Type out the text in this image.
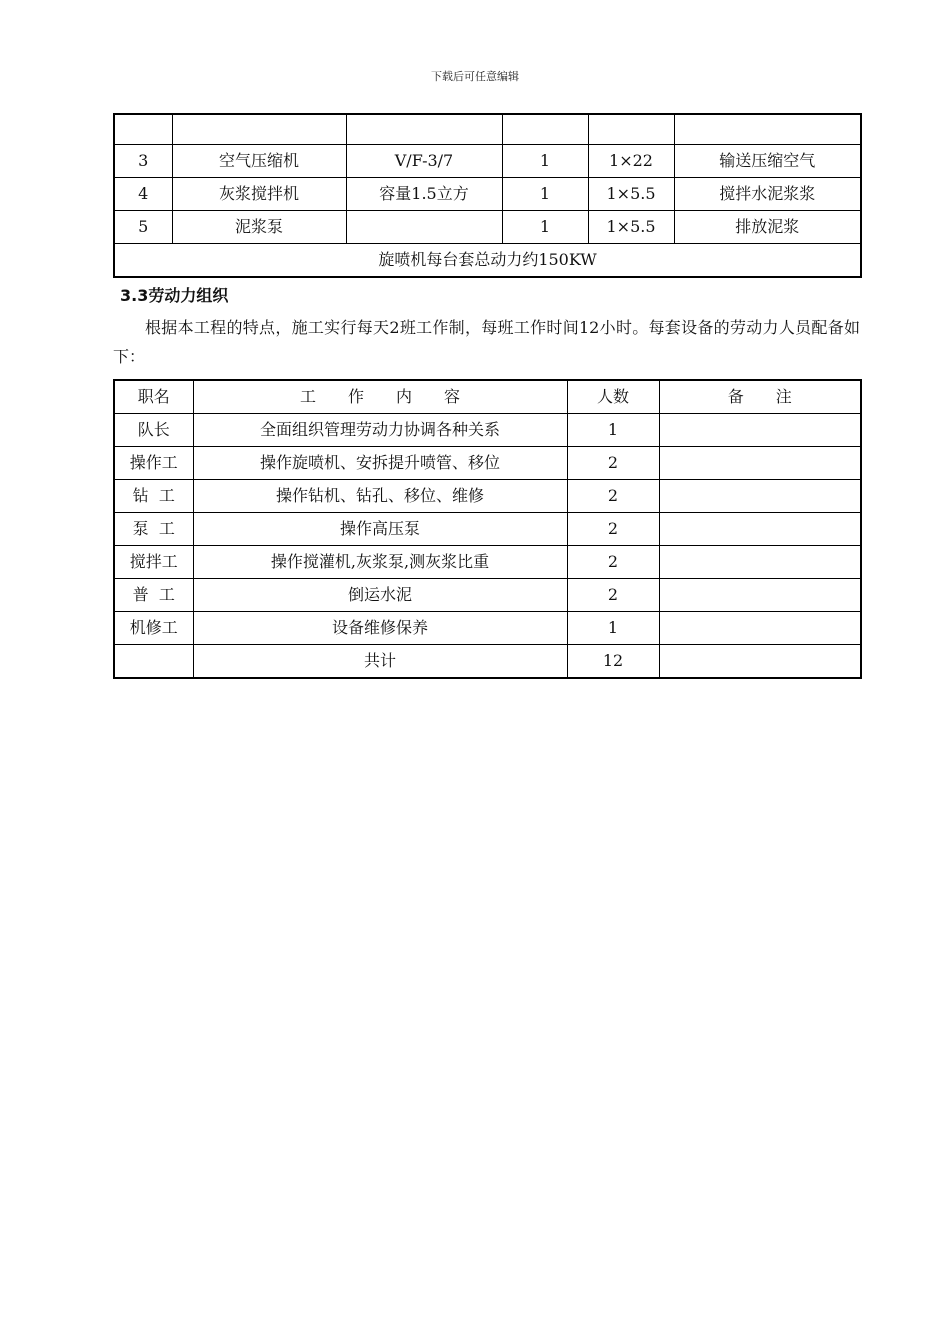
下载后可任意编辑

3	空气压缩机	V/F-3/7	1	1×22	输送压缩空气
4	灰浆搅拌机	容量1.5立方	1	1×5.5	搅拌水泥浆浆
5	泥浆泵		1	1×5.5	排放泥浆
旋喷机每台套总动力约150KW					
3.3劳动力组织
根据本工程的特点，施工实行每天2班工作制，每班工作时间12小时。每套设备的劳动力人员配备如下：
职名	工　　作　　内　　容	人数	备　　注
队长	全面组织管理劳动力协调各种关系	1	
操作工	操作旋喷机、安拆提升喷管、移位	2	
钻  工	操作钻机、钻孔、移位、维修	2	
泵  工	操作高压泵	2	
搅拌工	操作搅灌机,灰浆泵,测灰浆比重	2	
普  工	倒运水泥	2	
机修工	设备维修保养	1	
	共计	12	
